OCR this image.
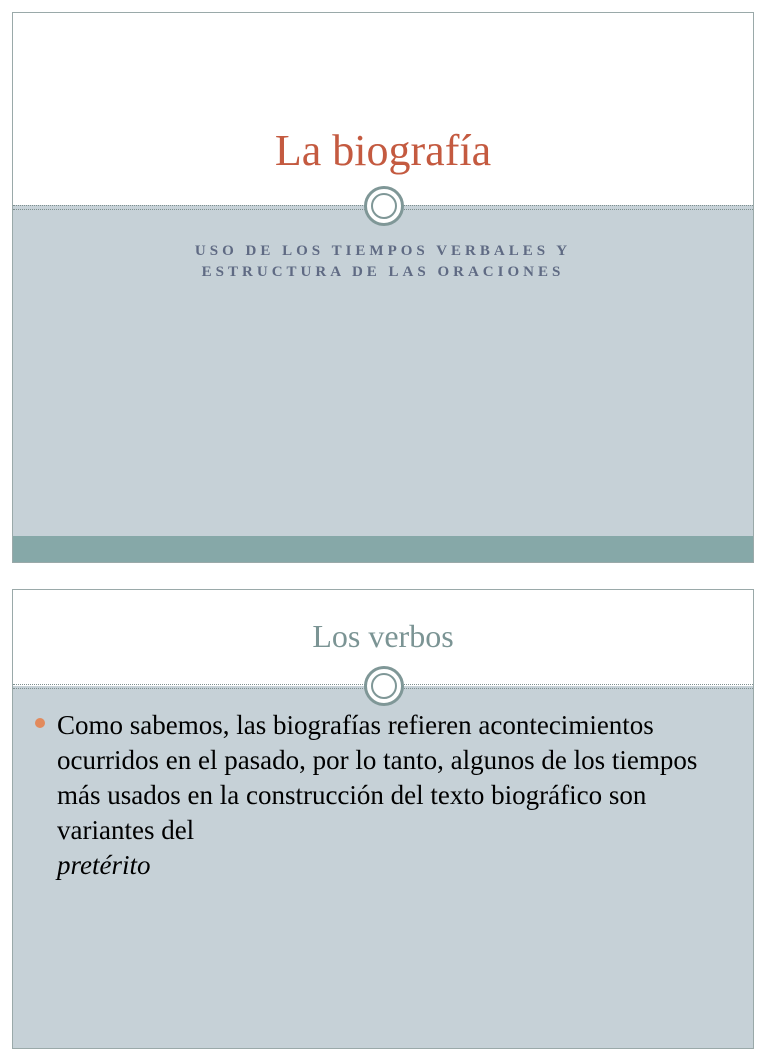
La biografía
USO DE LOS TIEMPOS VERBALES Y
ESTRUCTURA DE LAS ORACIONES
Los verbos
Como sabemos, las biografías refieren acontecimientos ocurridos en el pasado, por lo tanto, algunos de los tiempos más usados en la construcción del texto biográfico son variantes del
pretérito
